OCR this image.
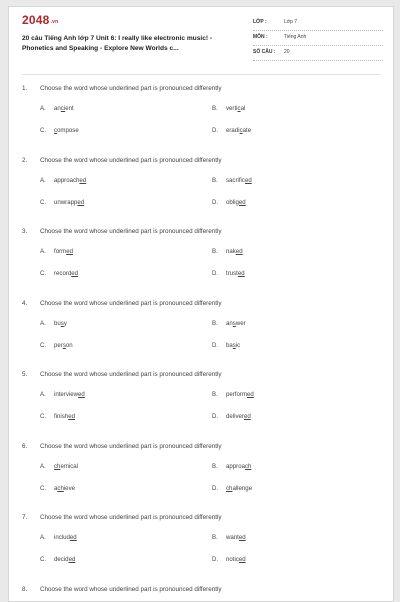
$2048^{.vn}$
20 câu Tiếng Anh lớp 7 Unit 6: I really like electronic music! - Phonetics and Speaking - Explore New Worlds c...
LỚP :	Lớp 7
MÔN :	Tiếng Anh
SỐ CÂU : 20
1. Choose the word whose underlined part is pronounced differently
A. ancient	B. vertical
C. compose	D. eradicate
2. Choose the word whose underlined part is pronounced differently
A. approached	B. sacrificed
C. unwrapped	D. obliged
3. Choose the word whose underlined part is pronounced differently
A. formed	B. naked
C. recorded	D. trusted
4. Choose the word whose underlined part is pronounced differently
A. busy	B. answer
C. person	D. basic
5. Choose the word whose underlined part is pronounced differently
A. interviewed	B. performed
C. finished	D. delivered
6. Choose the word whose underlined part is pronounced differently
A. chemical	B. approach
C. achieve	D. challenge
7. Choose the word whose underlined part is pronounced differently
A. included	B. wanted
C. decided	D. noticed
8. Choose the word whose underlined part is pronounced differently
